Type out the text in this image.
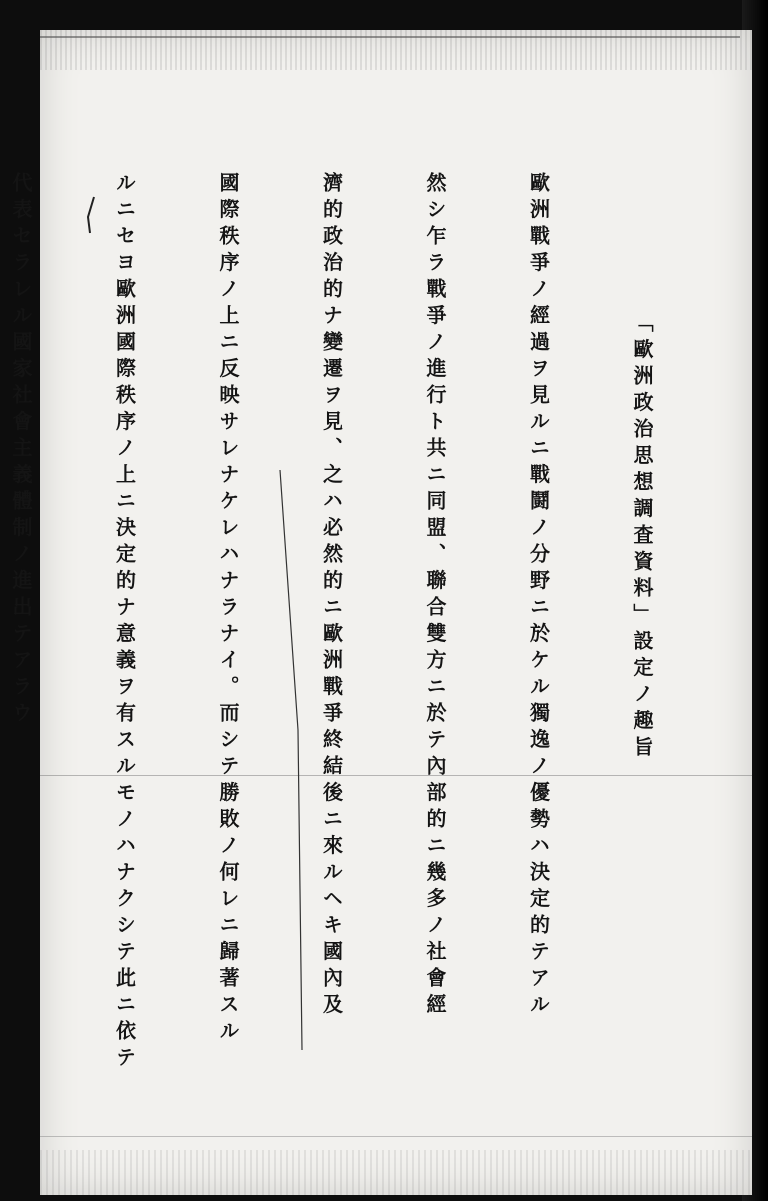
「歐洲政治思想調査資料」設定ノ趣旨

歐洲戰爭ノ經過ヲ見ルニ戰鬪ノ分野ニ於ケル獨逸ノ優勢ハ決定的テアル

然シ乍ラ戰爭ノ進行ト共ニ同盟、聯合雙方ニ於テ內部的ニ幾多ノ社會經

濟的政治的ナ變遷ヲ見、之ハ必然的ニ歐洲戰爭終結後ニ來ルヘキ國內及

國際秩序ノ上ニ反映サレナケレハナラナイ。而シテ勝敗ノ何レニ歸著スル

ルニセヨ歐洲國際秩序ノ上ニ決定的ナ意義ヲ有スルモノハナクシテ此ニ依テ

代表セラレル國家社會主義體制ノ進出テアラウ
